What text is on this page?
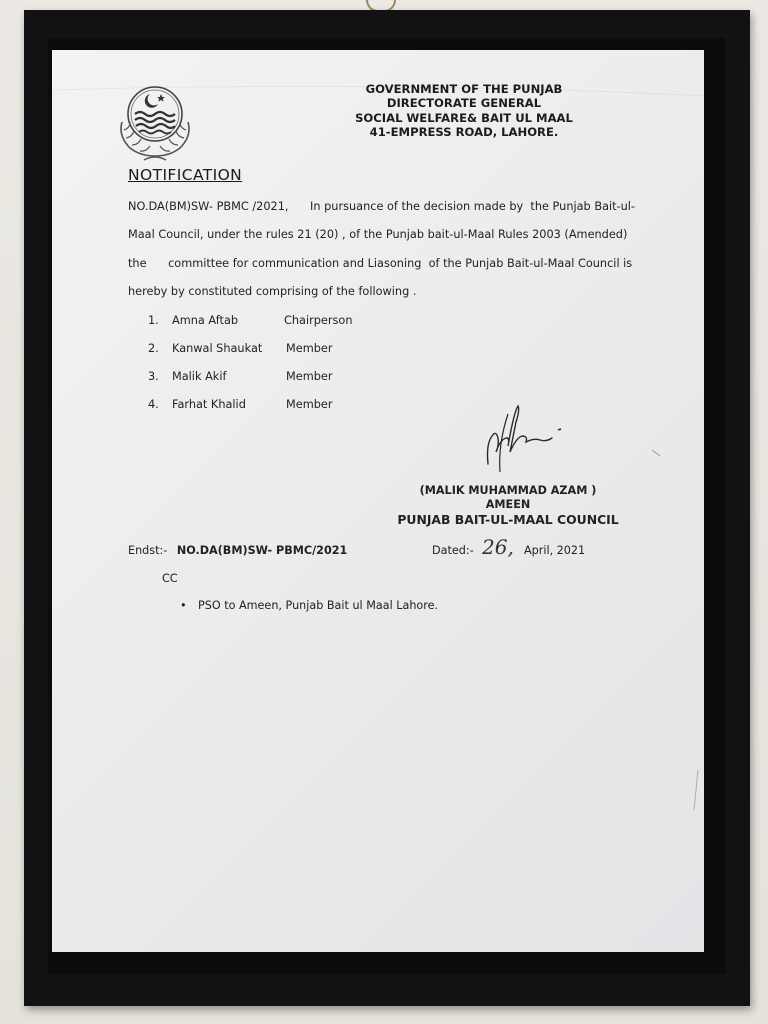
GOVERNMENT OF THE PUNJAB
DIRECTORATE GENERAL
SOCIAL WELFARE& BAIT UL MAAL
41-EMPRESS ROAD, LAHORE.
NOTIFICATION
NO.DA(BM)SW- PBMC /2021,      In pursuance of the decision made by  the Punjab Bait-ul-
Maal Council, under the rules 21 (20) , of the Punjab bait-ul-Maal Rules 2003 (Amended)
the      committee for communication and Liasoning  of the Punjab Bait-ul-Maal Council is
hereby by constituted comprising of the following .
1. Amna Aftab	Chairperson
2. Kanwal Shaukat Member
3. Malik Akif	Member
4. Farhat Khalid	Member
(MALIK MUHAMMAD AZAM )
AMEEN
PUNJAB BAIT-UL-MAAL COUNCIL
Endst:- NO.DA(BM)SW- PBMC/2021	Dated:- 26, April, 2021
CC
• PSO to Ameen, Punjab Bait ul Maal Lahore.
